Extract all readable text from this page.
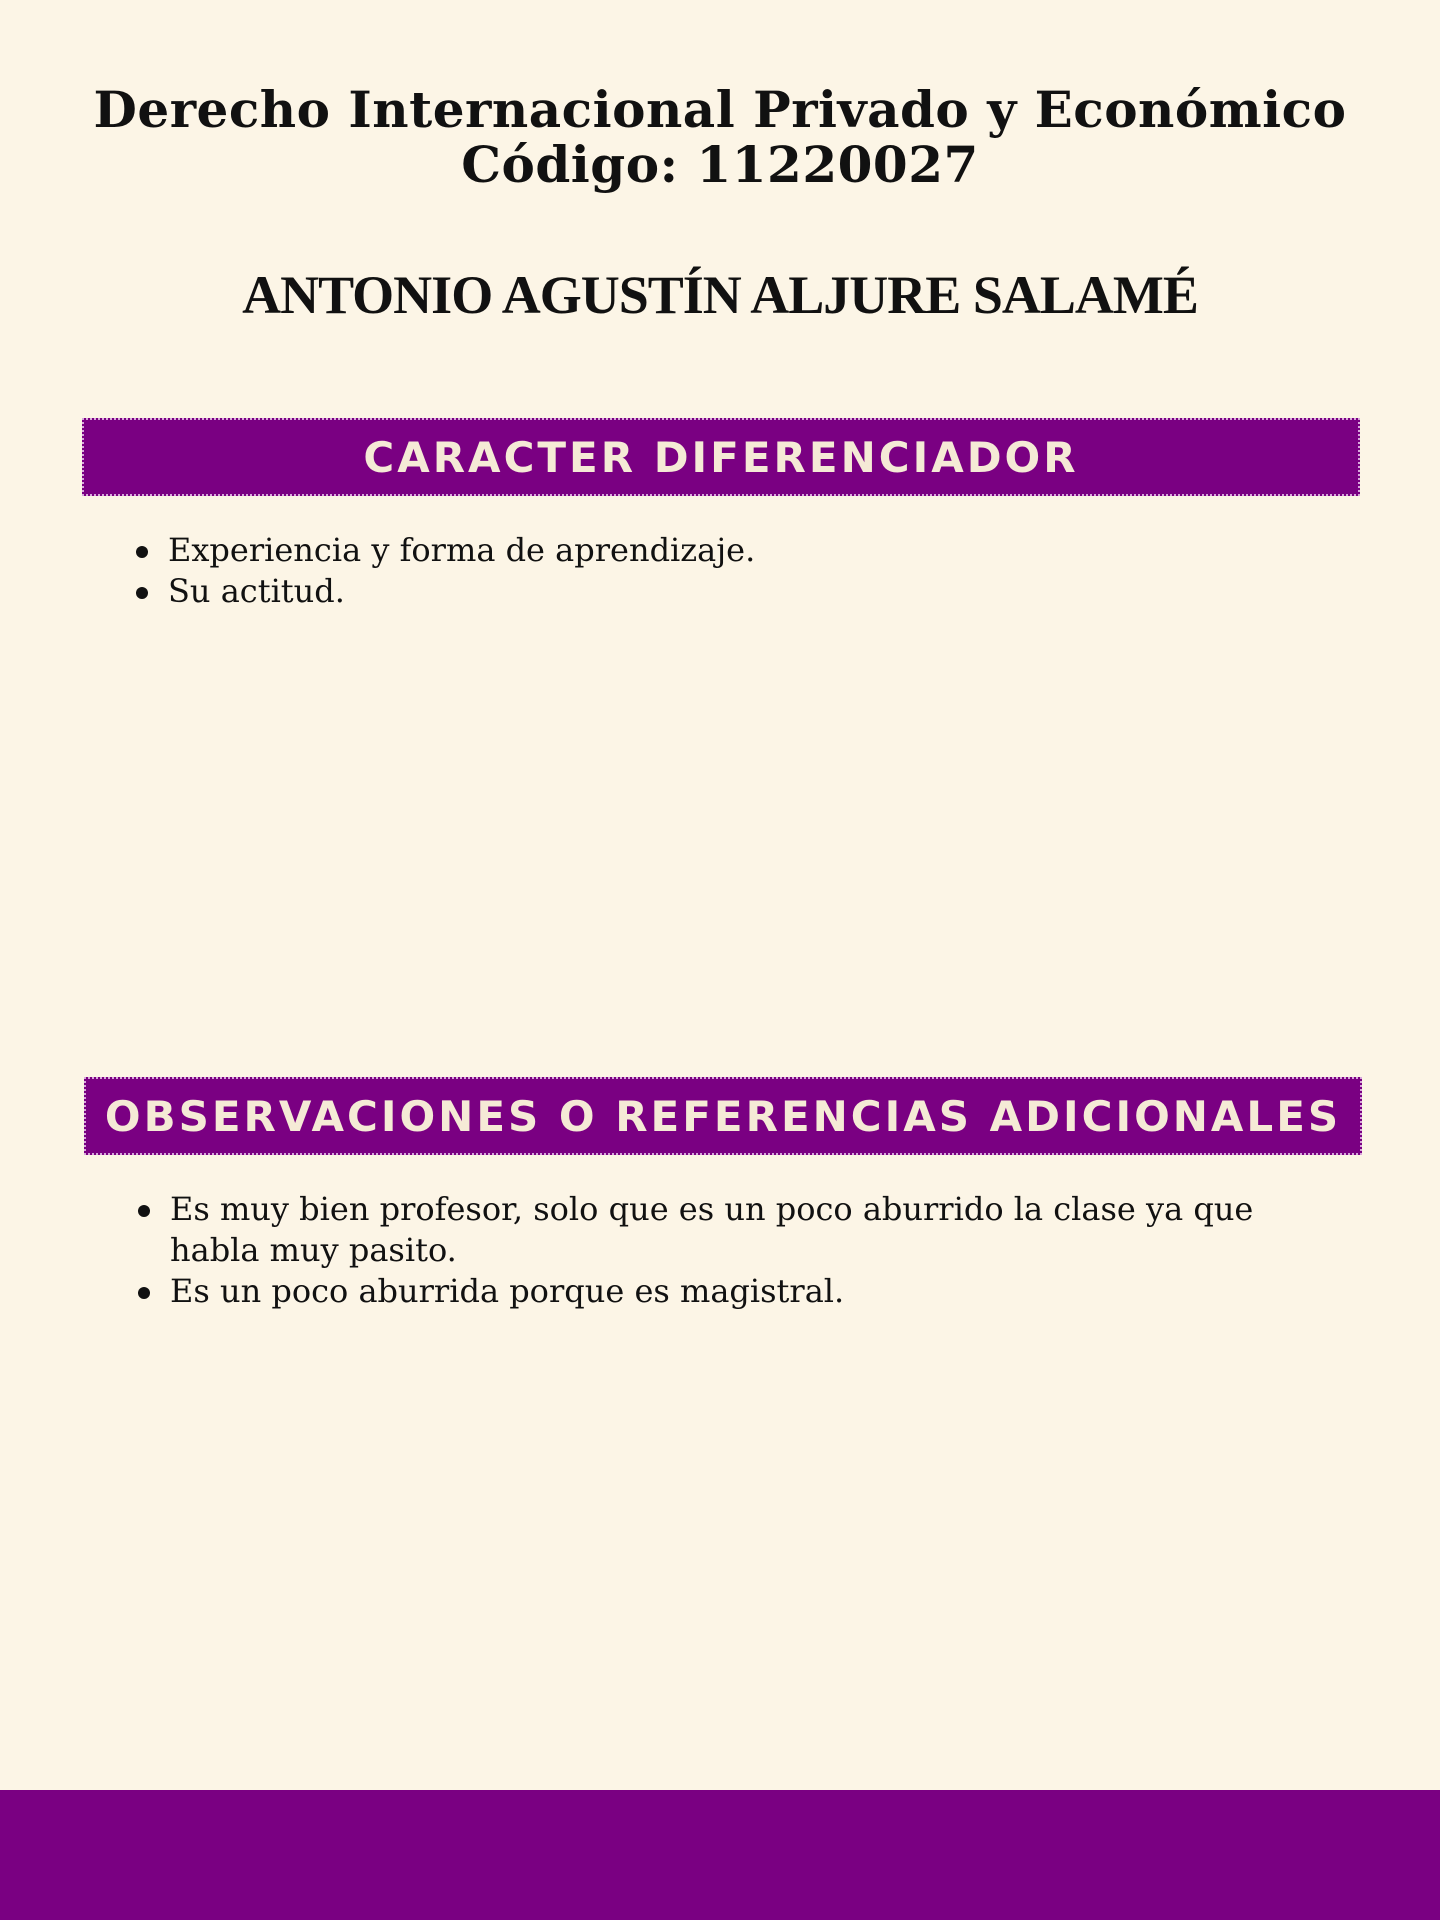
Derecho Internacional Privado y Económico
Código: 11220027
ANTONIO AGUSTÍN ALJURE SALAMÉ
CARACTER DIFERENCIADOR
Experiencia y forma de aprendizaje.
Su actitud.
OBSERVACIONES O REFERENCIAS ADICIONALES
Es muy bien profesor, solo que es un poco aburrido la clase ya que habla muy pasito.
Es un poco aburrida porque es magistral.
